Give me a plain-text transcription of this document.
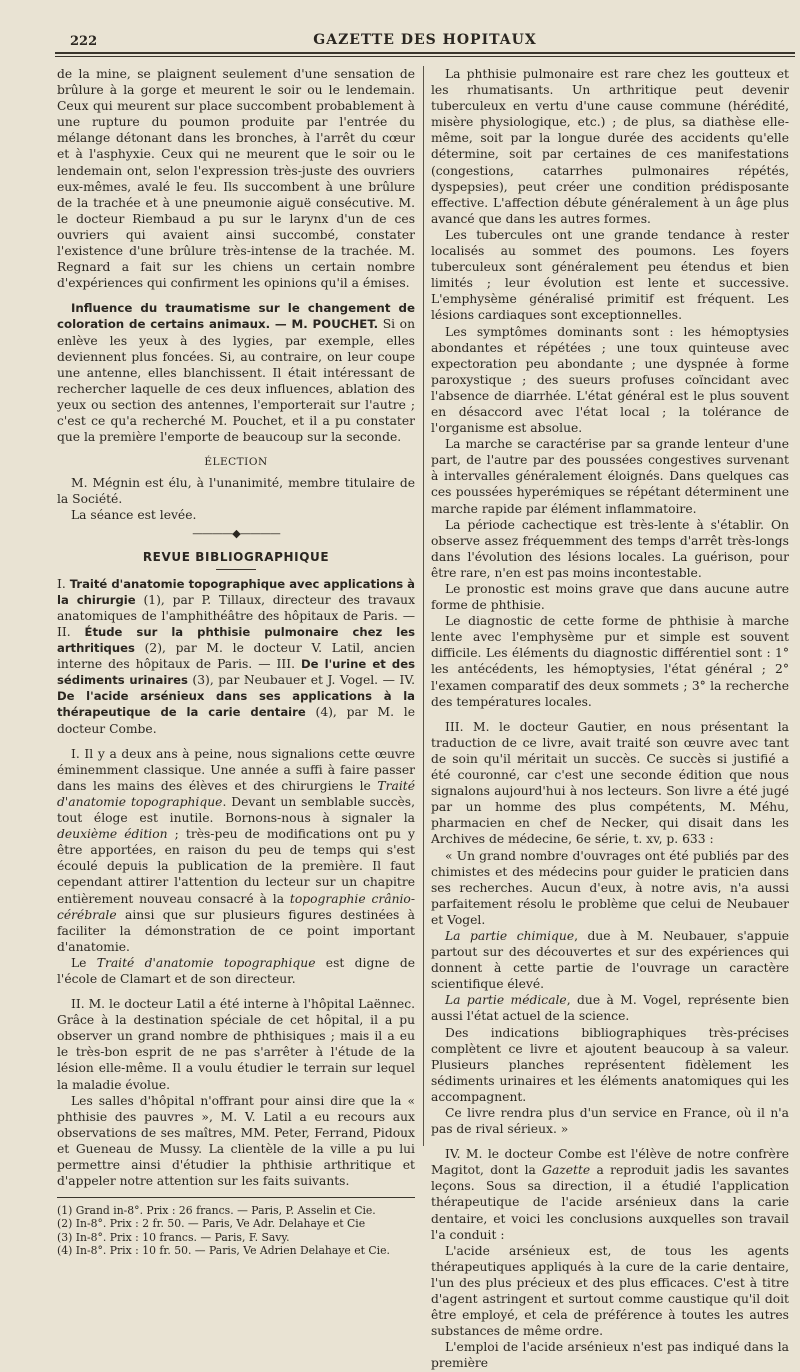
222	GAZETTE DES HOPITAUX

de la mine, se plaignent seulement d'une sensation de brûlure à la gorge et meurent le soir ou le lendemain. Ceux qui meurent sur place succombent probablement à une rupture du poumon produite par l'entrée du mélange détonant dans les bronches, à l'arrêt du cœur et à l'asphyxie. Ceux qui ne meurent que le soir ou le lendemain ont, selon l'expression très-juste des ouvriers eux-mêmes, avalé le feu. Ils succombent à une brûlure de la trachée et à une pneumonie aiguë consécutive. M. le docteur Riembaud a pu sur le larynx d'un de ces ouvriers qui avaient ainsi succombé, constater l'existence d'une brûlure très-intense de la trachée. M. Regnard a fait sur les chiens un certain nombre d'expériences qui confirment les opinions qu'il a émises.

Influence du traumatisme sur le changement de coloration de certains animaux. — M. POUCHET. Si on enlève les yeux à des lygies, par exemple, elles deviennent plus foncées. Si, au contraire, on leur coupe une antenne, elles blanchissent. Il était intéressant de rechercher laquelle de ces deux influences, ablation des yeux ou section des antennes, l'emporterait sur l'autre ; c'est ce qu'a recherché M. Pouchet, et il a pu constater que la première l'emporte de beaucoup sur la seconde.

ÉLECTION

M. Mégnin est élu, à l'unanimité, membre titulaire de la Société.

La séance est levée.

————◆————
REVUE BIBLIOGRAPHIQUE

I. Traité d'anatomie topographique avec applications à la chirurgie (1), par P. Tillaux, directeur des travaux anatomiques de l'amphithéâtre des hôpitaux de Paris. — II. Étude sur la phthisie pulmonaire chez les arthritiques (2), par M. le docteur V. Latil, ancien interne des hôpitaux de Paris. — III. De l'urine et des sédiments urinaires (3), par Neubauer et J. Vogel. — IV. De l'acide arsénieux dans ses applications à la thérapeutique de la carie dentaire (4), par M. le docteur Combe.

I. Il y a deux ans à peine, nous signalions cette œuvre éminemment classique. Une année a suffi à faire passer dans les mains des élèves et des chirurgiens le Traité d'anatomie topographique. Devant un semblable succès, tout éloge est inutile. Bornons-nous à signaler la deuxième édition ; très-peu de modifications ont pu y être apportées, en raison du peu de temps qui s'est écoulé depuis la publication de la première. Il faut cependant attirer l'attention du lecteur sur un chapitre entièrement nouveau consacré à la topographie crânio-cérébrale ainsi que sur plusieurs figures destinées à faciliter la démonstration de ce point important d'anatomie.

Le Traité d'anatomie topographique est digne de l'école de Clamart et de son directeur.

II. M. le docteur Latil a été interne à l'hôpital Laënnec. Grâce à la destination spéciale de cet hôpital, il a pu observer un grand nombre de phthisiques ; mais il a eu le très-bon esprit de ne pas s'arrêter à l'étude de la lésion elle-même. Il a voulu étudier le terrain sur lequel la maladie évolue.

Les salles d'hôpital n'offrant pour ainsi dire que la « phthisie des pauvres », M. V. Latil a eu recours aux observations de ses maîtres, MM. Peter, Ferrand, Pidoux et Gueneau de Mussy. La clientèle de la ville a pu lui permettre ainsi d'étudier la phthisie arthritique et d'appeler notre attention sur les faits suivants.

(1) Grand in-8°. Prix : 26 francs. — Paris, P. Asselin et Cie.

(2) In-8°. Prix : 2 fr. 50. — Paris, Ve Adr. Delahaye et Cie

(3) In-8°. Prix : 10 francs. — Paris, F. Savy.

(4) In-8°. Prix : 10 fr. 50. — Paris, Ve Adrien Delahaye et Cie.

La phthisie pulmonaire est rare chez les goutteux et les rhumatisants. Un arthritique peut devenir tuberculeux en vertu d'une cause commune (hérédité, misère physiologique, etc.) ; de plus, sa diathèse elle-même, soit par la longue durée des accidents qu'elle détermine, soit par certaines de ces manifestations (congestions, catarrhes pulmonaires répétés, dyspepsies), peut créer une condition prédisposante effective. L'affection débute généralement à un âge plus avancé que dans les autres formes.

Les tubercules ont une grande tendance à rester localisés au sommet des poumons. Les foyers tuberculeux sont généralement peu étendus et bien limités ; leur évolution est lente et successive. L'emphysème généralisé primitif est fréquent. Les lésions cardiaques sont exceptionnelles.

Les symptômes dominants sont : les hémoptysies abondantes et répétées ; une toux quinteuse avec expectoration peu abondante ; une dyspnée à forme paroxystique ; des sueurs profuses coïncidant avec l'absence de diarrhée. L'état général est le plus souvent en désaccord avec l'état local ; la tolérance de l'organisme est absolue.

La marche se caractérise par sa grande lenteur d'une part, de l'autre par des poussées congestives survenant à intervalles généralement éloignés. Dans quelques cas ces poussées hyperémiques se répétant déterminent une marche rapide par élément inflammatoire.

La période cachectique est très-lente à s'établir. On observe assez fréquemment des temps d'arrêt très-longs dans l'évolution des lésions locales. La guérison, pour être rare, n'en est pas moins incontestable.

Le pronostic est moins grave que dans aucune autre forme de phthisie.

Le diagnostic de cette forme de phthisie à marche lente avec l'emphysème pur et simple est souvent difficile. Les éléments du diagnostic différentiel sont : 1° les antécédents, les hémoptysies, l'état général ; 2° l'examen comparatif des deux sommets ; 3° la recherche des températures locales.

III. M. le docteur Gautier, en nous présentant la traduction de ce livre, avait traité son œuvre avec tant de soin qu'il méritait un succès. Ce succès si justifié a été couronné, car c'est une seconde édition que nous signalons aujourd'hui à nos lecteurs. Son livre a été jugé par un homme des plus compétents, M. Méhu, pharmacien en chef de Necker, qui disait dans les Archives de médecine, 6e série, t. xv, p. 633 :

« Un grand nombre d'ouvrages ont été publiés par des chimistes et des médecins pour guider le praticien dans ses recherches. Aucun d'eux, à notre avis, n'a aussi parfaitement résolu le problème que celui de Neubauer et Vogel.

La partie chimique, due à M. Neubauer, s'appuie partout sur des découvertes et sur des expériences qui donnent à cette partie de l'ouvrage un caractère scientifique élevé.

La partie médicale, due à M. Vogel, représente bien aussi l'état actuel de la science.

Des indications bibliographiques très-précises complètent ce livre et ajoutent beaucoup à sa valeur. Plusieurs planches représentent fidèlement les sédiments urinaires et les éléments anatomiques qui les accompagnent.

Ce livre rendra plus d'un service en France, où il n'a pas de rival sérieux. »

IV. M. le docteur Combe est l'élève de notre confrère Magitot, dont la Gazette a reproduit jadis les savantes leçons. Sous sa direction, il a étudié l'application thérapeutique de l'acide arsénieux dans la carie dentaire, et voici les conclusions auxquelles son travail l'a conduit :

L'acide arsénieux est, de tous les agents thérapeutiques appliqués à la cure de la carie dentaire, l'un des plus précieux et des plus efficaces. C'est à titre d'agent astringent et surtout comme caustique qu'il doit être employé, et cela de préférence à toutes les autres substances de même ordre.

L'emploi de l'acide arsénieux n'est pas indiqué dans la première
